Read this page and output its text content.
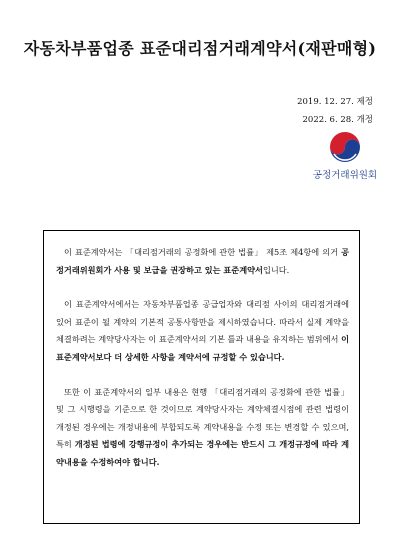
자동차부품업종 표준대리점거래계약서(재판매형)
2019. 12. 27. 제정
2022. 6. 28. 개정
공정거래위원회

이 표준계약서는 「대리점거래의 공정화에 관한 법률」 제5조 제4항에 의거 공정거래위원회가 사용 및 보급을 권장하고 있는 표준계약서입니다.

이 표준계약서에서는 자동차부품업종 공급업자와 대리점 사이의 대리점거래에 있어 표준이 될 계약의 기본적 공통사항만을 제시하였습니다. 따라서 실제 계약을 체결하려는 계약당사자는 이 표준계약서의 기본 틀과 내용을 유지하는 범위에서 이 표준계약서보다 더 상세한 사항을 계약서에 규정할 수 있습니다.

또한 이 표준계약서의 일부 내용은 현행 「대리점거래의 공정화에 관한 법률」 및 그 시행령을 기준으로 한 것이므로 계약당사자는 계약체결시점에 관련 법령이 개정된 경우에는 개정내용에 부합되도록 계약내용을 수정 또는 변경할 수 있으며, 특히 개정된 법령에 강행규정이 추가되는 경우에는 반드시 그 개정규정에 따라 계약내용을 수정하여야 합니다.
